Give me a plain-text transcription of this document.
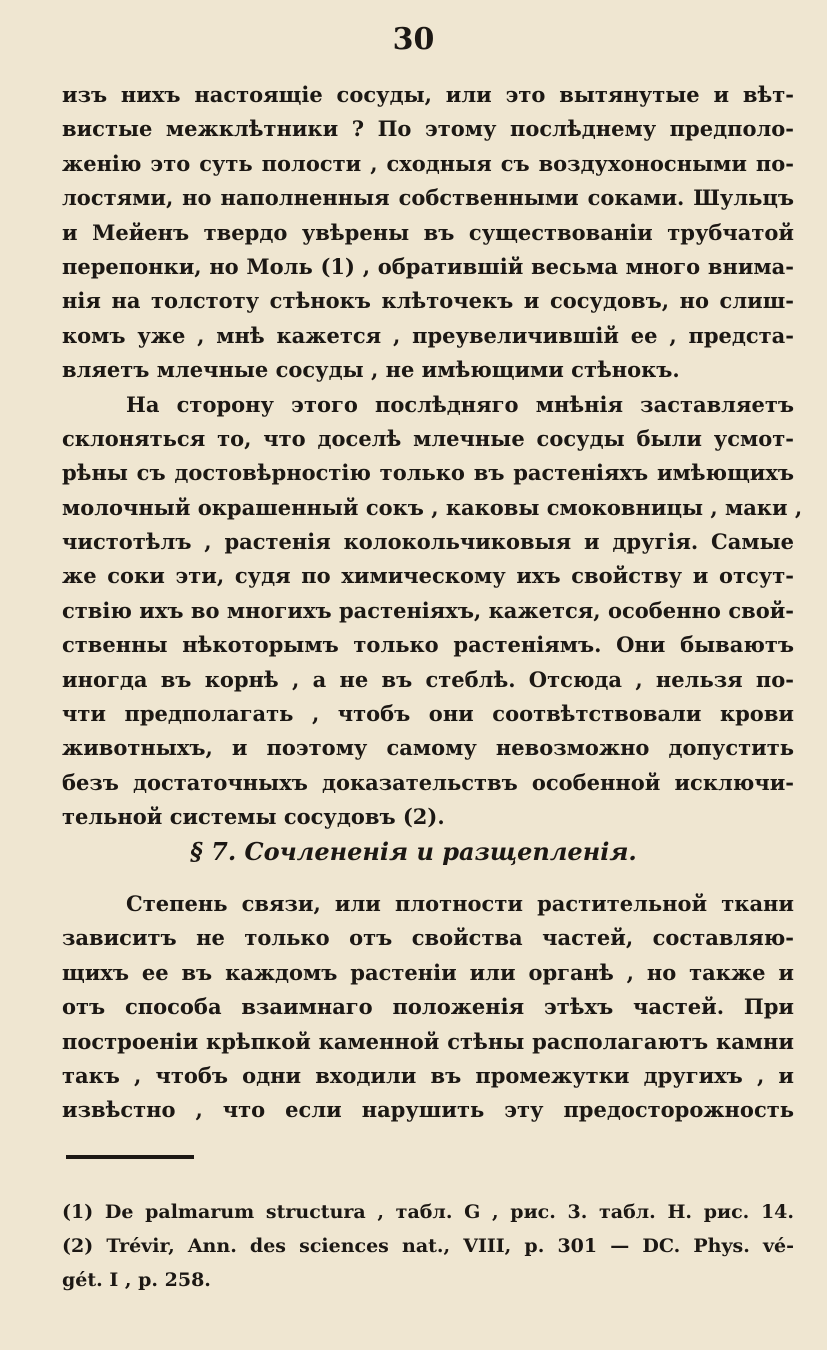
30
изъ нихъ настоящіе сосуды, или это вытянутые и вѣт-
вистые межклѣтники ? По этому послѣднему предполо-
женію это суть полости , сходныя съ воздухоносными по-
лостями, но наполненныя собственными соками. Шульцъ
и Мейенъ твердо увѣрены въ существованіи трубчатой
перепонки, но Моль (1) , обратившій весьма много внима-
нія на толстоту стѣнокъ клѣточекъ и сосудовъ, но слиш-
комъ уже , мнѣ кажется , преувеличившій ее , предста-
вляетъ млечные сосуды , не имѣющими стѣнокъ.
На сторону этого послѣдняго мнѣнія заставляетъ
склоняться то, что доселѣ млечные сосуды были усмот-
рѣны съ достовѣрностію только въ растеніяхъ имѣющихъ
молочный окрашенный сокъ , каковы смоковницы , маки ,
чистотѣлъ , растенія колокольчиковыя и другія. Самые
же соки эти, судя по химическому ихъ свойству и отсут-
ствію ихъ во многихъ растеніяхъ, кажется, особенно свой-
ственны нѣкоторымъ только растеніямъ. Они бываютъ
иногда въ корнѣ , а не въ стеблѣ. Отсюда , нельзя по-
чти предполагать , чтобъ они соотвѣтствовали крови
животныхъ, и поэтому самому невозможно допустить
безъ достаточныхъ доказательствъ особенной исключи-
тельной системы сосудовъ (2).
§ 7. Сочлененія и разщепленія.
Степень связи, или плотности растительной ткани
зависитъ не только отъ свойства частей, составляю-
щихъ ее въ каждомъ растеніи или органѣ , но также и
отъ способа взаимнаго положенія этѣхъ частей. При
построеніи крѣпкой каменной стѣны располагаютъ камни
такъ , чтобъ одни входили въ промежутки другихъ , и
извѣстно , что если нарушить эту предосторожность
(1) De palmarum structura , табл. G , рис. 3. табл. H. рис. 14.
(2) Trévir, Ann. des sciences nat., VIII, p. 301 — DC. Phys. vé-
gét. I , p. 258.
